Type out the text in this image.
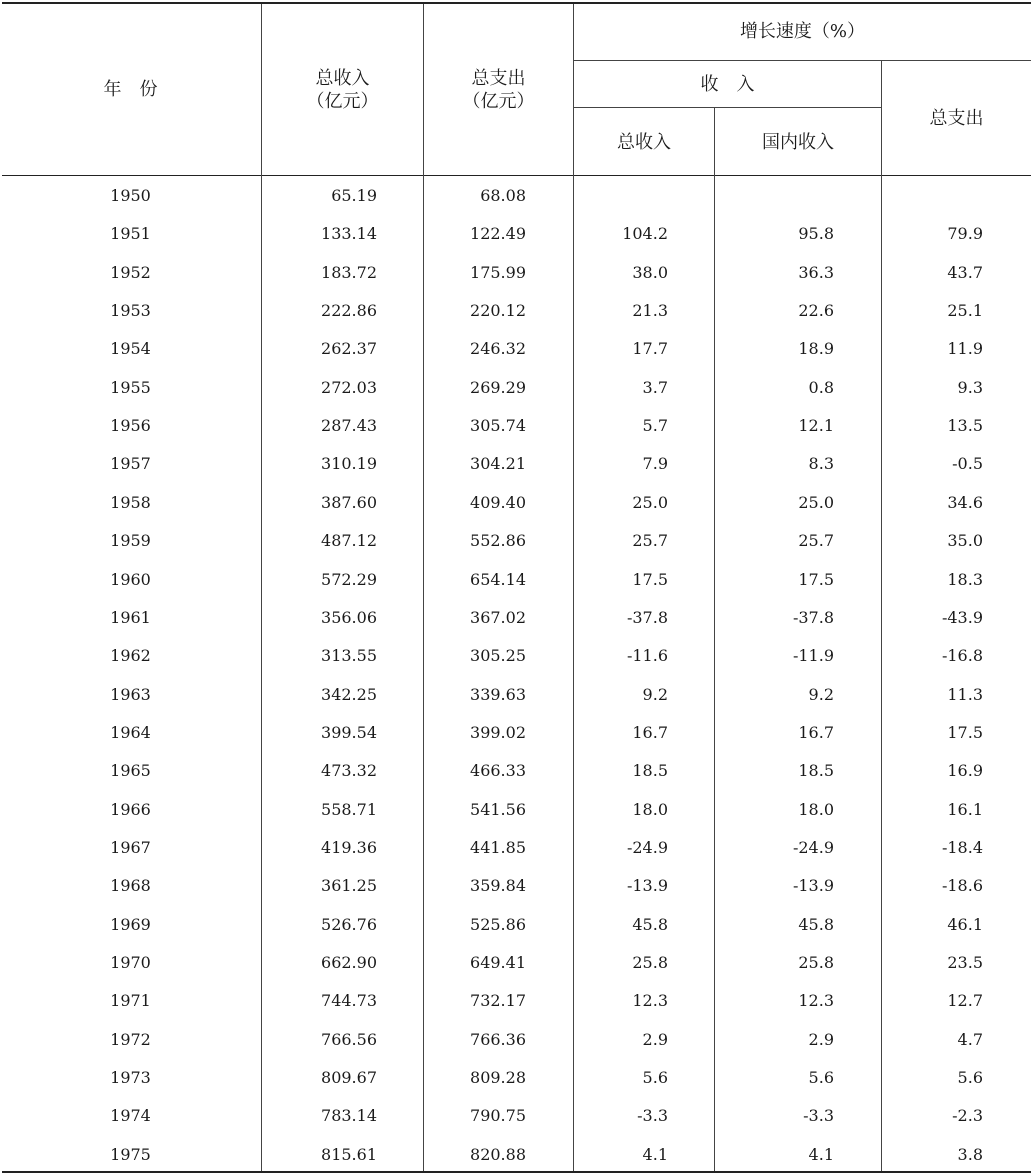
年　份
总收入
（亿元）
总支出
（亿元）
增长速度（%）
收　入
总收入	国内收入
总支出
1950	65.19	68.08
1951	133.14	122.49	104.2	95.8	79.9
1952	183.72	175.99	38.0	36.3	43.7
1953	222.86	220.12	21.3	22.6	25.1
1954	262.37	246.32	17.7	18.9	11.9
1955	272.03	269.29	3.7	0.8	9.3
1956	287.43	305.74	5.7	12.1	13.5
1957	310.19	304.21	7.9	8.3	-0.5
1958	387.60	409.40	25.0	25.0	34.6
1959	487.12	552.86	25.7	25.7	35.0
1960	572.29	654.14	17.5	17.5	18.3
1961	356.06	367.02	-37.8	-37.8	-43.9
1962	313.55	305.25	-11.6	-11.9	-16.8
1963	342.25	339.63	9.2	9.2	11.3
1964	399.54	399.02	16.7	16.7	17.5
1965	473.32	466.33	18.5	18.5	16.9
1966	558.71	541.56	18.0	18.0	16.1
1967	419.36	441.85	-24.9	-24.9	-18.4
1968	361.25	359.84	-13.9	-13.9	-18.6
1969	526.76	525.86	45.8	45.8	46.1
1970	662.90	649.41	25.8	25.8	23.5
1971	744.73	732.17	12.3	12.3	12.7
1972	766.56	766.36	2.9	2.9	4.7
1973	809.67	809.28	5.6	5.6	5.6
1974	783.14	790.75	-3.3	-3.3	-2.3
1975	815.61	820.88	4.1	4.1	3.8
